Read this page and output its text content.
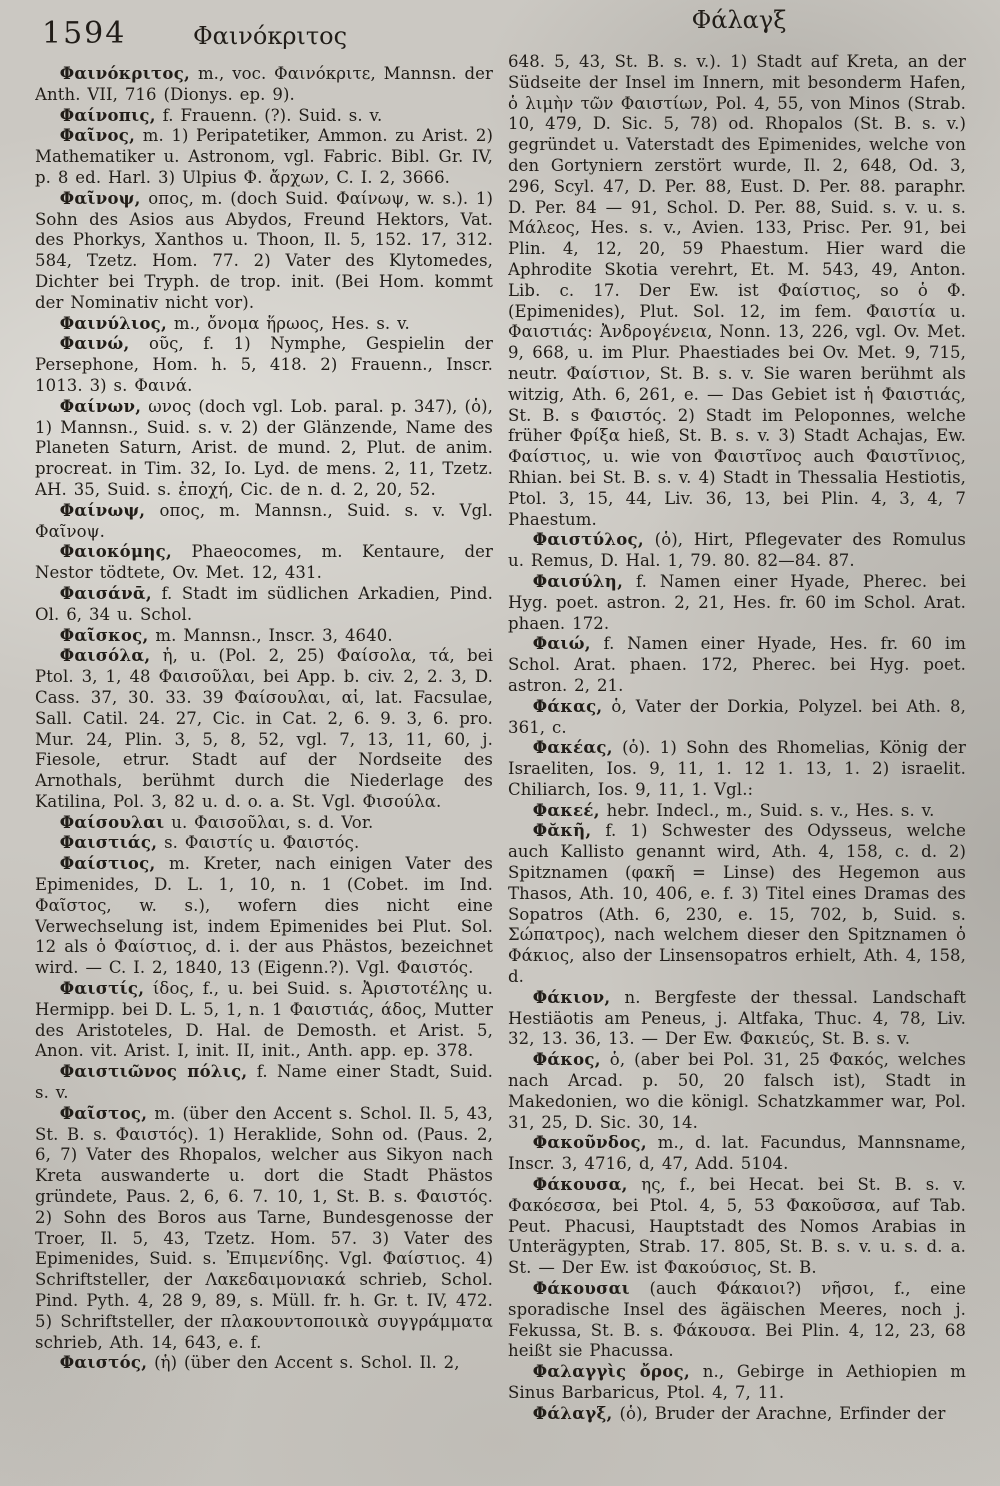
1594	Φαινόκριτος
Φάλαγξ

Φαινόκριτος, m., voc. Φαινόκριτε, Mannsn. der Anth. VII, 716 (Dionys. ep. 9).

Φαίνοπις, f. Frauenn. (?). Suid. s. v.

Φαῖνος, m. 1) Peripatetiker, Ammon. zu Arist. 2) Mathematiker u. Astronom, vgl. Fabric. Bibl. Gr. IV, p. 8 ed. Harl. 3) Ulpius Φ. ἄρχων, C. I. 2, 3666.

Φαῖνοψ, οπος, m. (doch Suid. Φαίνωψ, w. s.). 1) Sohn des Asios aus Abydos, Freund Hektors, Vat. des Phorkys, Xanthos u. Thoon, Il. 5, 152. 17, 312. 584, Tzetz. Hom. 77. 2) Vater des Klytomedes, Dichter bei Tryph. de trop. init. (Bei Hom. kommt der Nominativ nicht vor).

Φαινύλιος, m., ὄνομα ἥρωος, Hes. s. v.

Φαινώ, οῦς, f. 1) Nymphe, Gespielin der Persephone, Hom. h. 5, 418. 2) Frauenn., Inscr. 1013. 3) s. Φαινά.

Φαίνων, ωνος (doch vgl. Lob. paral. p. 347), (ὁ), 1) Mannsn., Suid. s. v. 2) der Glänzende, Name des Planeten Saturn, Arist. de mund. 2, Plut. de anim. procreat. in Tim. 32, Io. Lyd. de mens. 2, 11, Tzetz. AH. 35, Suid. s. ἐποχή, Cic. de n. d. 2, 20, 52.

Φαίνωψ, οπος, m. Mannsn., Suid. s. v. Vgl. Φαῖνοψ.

Φαιοκόμης, Phaeocomes, m. Kentaure, der Nestor tödtete, Ov. Met. 12, 431.

Φαισάνᾱ, f. Stadt im südlichen Arkadien, Pind. Ol. 6, 34 u. Schol.

Φαῖσκος, m. Mannsn., Inscr. 3, 4640.

Φαισόλα, ἡ, u. (Pol. 2, 25) Φαίσολα, τά, bei Ptol. 3, 1, 48 Φαισοῦλαι, bei App. b. civ. 2, 2. 3, D. Cass. 37, 30. 33. 39 Φαίσουλαι, αἱ, lat. Facsulae, Sall. Catil. 24. 27, Cic. in Cat. 2, 6. 9. 3, 6. pro. Mur. 24, Plin. 3, 5, 8, 52, vgl. 7, 13, 11, 60, j. Fiesole, etrur. Stadt auf der Nordseite des Arnothals, berühmt durch die Niederlage des Katilina, Pol. 3, 82 u. d. o. a. St. Vgl. Φισούλα.

Φαίσουλαι u. Φαισοῦλαι, s. d. Vor.

Φαιστιάς, s. Φαιστίς u. Φαιστός.

Φαίστιος, m. Kreter, nach einigen Vater des Epimenides, D. L. 1, 10, n. 1 (Cobet. im Ind. Φαῖστος, w. s.), wofern dies nicht eine Verwechselung ist, indem Epimenides bei Plut. Sol. 12 als ὁ Φαίστιος, d. i. der aus Phästos, bezeichnet wird. — C. I. 2, 1840, 13 (Eigenn.?). Vgl. Φαιστός.

Φαιστίς, ίδος, f., u. bei Suid. s. Ἀριστοτέλης u. Hermipp. bei D. L. 5, 1, n. 1 Φαιστιάς, άδος, Mutter des Aristoteles, D. Hal. de Demosth. et Arist. 5, Anon. vit. Arist. I, init. II, init., Anth. app. ep. 378.

Φαιστιῶνος πόλις, f. Name einer Stadt, Suid. s. v.

Φαῖστος, m. (über den Accent s. Schol. Il. 5, 43, St. B. s. Φαιστός). 1) Heraklide, Sohn od. (Paus. 2, 6, 7) Vater des Rhopalos, welcher aus Sikyon nach Kreta auswanderte u. dort die Stadt Phästos gründete, Paus. 2, 6, 6. 7. 10, 1, St. B. s. Φαιστός. 2) Sohn des Boros aus Tarne, Bundesgenosse der Troer, Il. 5, 43, Tzetz. Hom. 57. 3) Vater des Epimenides, Suid. s. Ἐπιμενίδης. Vgl. Φαίστιος. 4) Schriftsteller, der Λακεδαιμονιακά schrieb, Schol. Pind. Pyth. 4, 28 9, 89, s. Müll. fr. h. Gr. t. IV, 472. 5) Schriftsteller, der πλακουντοποιικὰ συγγράμματα schrieb, Ath. 14, 643, e. f.

Φαιστός, (ἡ) (über den Accent s. Schol. Il. 2,

648. 5, 43, St. B. s. v.). 1) Stadt auf Kreta, an der Südseite der Insel im Innern, mit besonderm Hafen, ὁ λιμὴν τῶν Φαιστίων, Pol. 4, 55, von Minos (Strab. 10, 479, D. Sic. 5, 78) od. Rhopalos (St. B. s. v.) gegründet u. Vaterstadt des Epimenides, welche von den Gortyniern zerstört wurde, Il. 2, 648, Od. 3, 296, Scyl. 47, D. Per. 88, Eust. D. Per. 88. paraphr. D. Per. 84 — 91, Schol. D. Per. 88, Suid. s. v. u. s. Μάλεος, Hes. s. v., Avien. 133, Prisc. Per. 91, bei Plin. 4, 12, 20, 59 Phaestum. Hier ward die Aphrodite Skotia verehrt, Et. M. 543, 49, Anton. Lib. c. 17. Der Ew. ist Φαίστιος, so ὁ Φ. (Epimenides), Plut. Sol. 12, im fem. Φαιστία u. Φαιστιάς: Ἀνδρογένεια, Nonn. 13, 226, vgl. Ov. Met. 9, 668, u. im Plur. Phaestiades bei Ov. Met. 9, 715, neutr. Φαίστιον, St. B. s. v. Sie waren berühmt als witzig, Ath. 6, 261, e. — Das Gebiet ist ἡ Φαιστιάς, St. B. s Φαιστός. 2) Stadt im Peloponnes, welche früher Φρίξα hieß, St. B. s. v. 3) Stadt Achajas, Ew. Φαίστιος, u. wie von Φαιστῖνος auch Φαιστῖνιος, Rhian. bei St. B. s. v. 4) Stadt in Thessalia Hestiotis, Ptol. 3, 15, 44, Liv. 36, 13, bei Plin. 4, 3, 4, 7 Phaestum.

Φαιστύλος, (ὁ), Hirt, Pflegevater des Romulus u. Remus, D. Hal. 1, 79. 80. 82—84. 87.

Φαισύλη, f. Namen einer Hyade, Pherec. bei Hyg. poet. astron. 2, 21, Hes. fr. 60 im Schol. Arat. phaen. 172.

Φαιώ, f. Namen einer Hyade, Hes. fr. 60 im Schol. Arat. phaen. 172, Pherec. bei Hyg. poet. astron. 2, 21.

Φάκας, ὁ, Vater der Dorkia, Polyzel. bei Ath. 8, 361, c.

Φακέας, (ὁ). 1) Sohn des Rhomelias, König der Israeliten, Ios. 9, 11, 1. 12 1. 13, 1. 2) israelit. Chiliarch, Ios. 9, 11, 1. Vgl.:

Φακεέ, hebr. Indecl., m., Suid. s. v., Hes. s. v.

Φᾰκῆ, f. 1) Schwester des Odysseus, welche auch Kallisto genannt wird, Ath. 4, 158, c. d. 2) Spitznamen (φακῆ = Linse) des Hegemon aus Thasos, Ath. 10, 406, e. f. 3) Titel eines Dramas des Sopatros (Ath. 6, 230, e. 15, 702, b, Suid. s. Σώπατρος), nach welchem dieser den Spitznamen ὁ Φάκιος, also der Linsensopatros erhielt, Ath. 4, 158, d.

Φάκιον, n. Bergfeste der thessal. Landschaft Hestiäotis am Peneus, j. Altfaka, Thuc. 4, 78, Liv. 32, 13. 36, 13. — Der Ew. Φακιεύς, St. B. s. v.

Φάκος, ὁ, (aber bei Pol. 31, 25 Φακός, welches nach Arcad. p. 50, 20 falsch ist), Stadt in Makedonien, wo die königl. Schatzkammer war, Pol. 31, 25, D. Sic. 30, 14.

Φακοῦνδος, m., d. lat. Facundus, Mannsname, Inscr. 3, 4716, d, 47, Add. 5104.

Φάκουσα, ης, f., bei Hecat. bei St. B. s. v. Φακόεσσα, bei Ptol. 4, 5, 53 Φακοῦσσα, auf Tab. Peut. Phacusi, Hauptstadt des Nomos Arabias in Unterägypten, Strab. 17. 805, St. B. s. v. u. s. d. a. St. — Der Ew. ist Φακούσιος, St. B.

Φάκουσαι (auch Φάκαιοι?) νῆσοι, f., eine sporadische Insel des ägäischen Meeres, noch j. Fekussa, St. B. s. Φάκουσα. Bei Plin. 4, 12, 23, 68 heißt sie Phacussa.

Φαλαγγὶς ὄρος, n., Gebirge in Aethiopien m Sinus Barbaricus, Ptol. 4, 7, 11.

Φάλαγξ, (ὁ), Bruder der Arachne, Erfinder der
